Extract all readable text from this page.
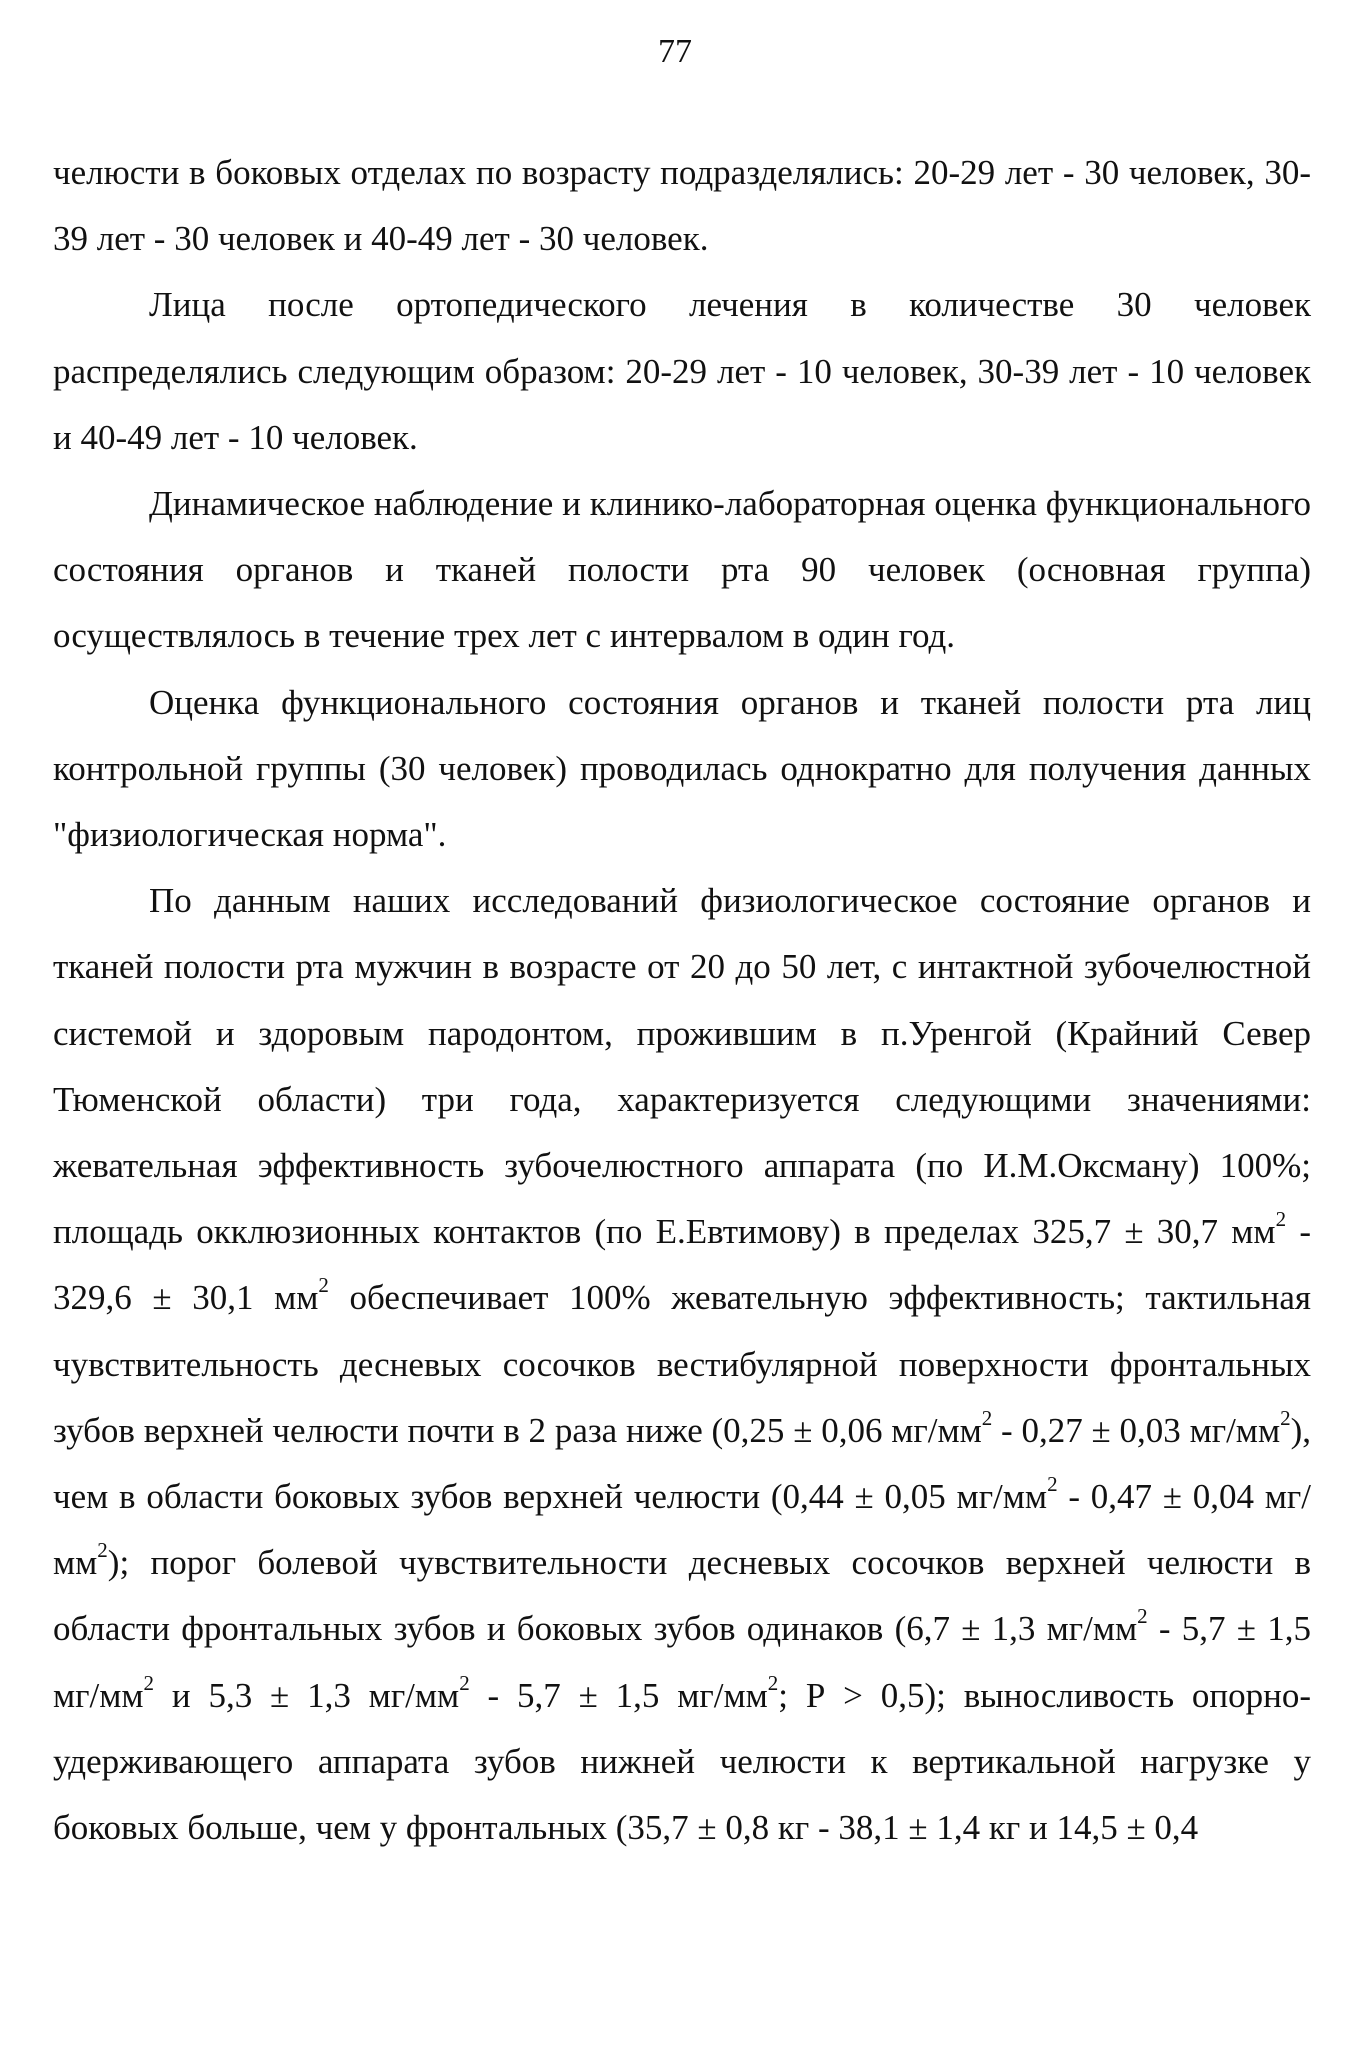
77

челюсти в боковых отделах по возрасту подразделялись: 20-29 лет - 30 человек, 30-39 лет - 30 человек и 40-49 лет - 30 человек.

Лица после ортопедического лечения в количестве 30 человек распределялись следующим образом: 20-29 лет - 10 человек, 30-39 лет - 10 человек и 40-49 лет - 10 человек.

Динамическое наблюдение и клинико-лабораторная оценка функционального состояния органов и тканей полости рта 90 человек (основная группа) осуществлялось в течение трех лет с интервалом в один год.

Оценка функционального состояния органов и тканей полости рта лиц контрольной группы (30 человек) проводилась однократно для получения данных "физиологическая норма".

По данным наших исследований физиологическое состояние органов и тканей полости рта мужчин в возрасте от 20 до 50 лет, с интактной зубочелюстной системой и здоровым пародонтом, прожившим в п.Уренгой (Крайний Север Тюменской области) три года, характеризуется следующими значениями: жевательная эффективность зубочелюстного аппарата (по И.М.Оксману) 100%; площадь окклюзионных контактов (по Е.Евтимову) в пределах 325,7 ± 30,7 $мм^2 - 329,6 \pm 30,1$ $мм^2$ обеспечивает 100% жевательную эффективность; тактильная чувствительность десневых сосочков вестибулярной поверхности фронтальных зубов верхней челюсти почти в 2 раза ниже (0,25 ± 0,06 $мг/мм^2 - 0,27 \pm 0,03$ $мг/мм^2$), чем в области боковых зубов верхней челюсти (0,44 ± 0,05 $мг/мм^2 - 0,47 \pm 0,04$ $мг/мм^2$); порог болевой чувствительности десневых сосочков верхней челюсти в области фронтальных зубов и боковых зубов одинаков (6,7 ± 1,3 $мг/мм^2 - 5,7 \pm 1,5$ $мг/мм^2$ и 5,3 ± 1,3 $мг/мм^2 - 5,7 \pm 1,5$ $мг/мм^2$; Р > 0,5); выносливость опорно-удерживающего аппарата зубов нижней челюсти к вертикальной нагрузке у боковых больше, чем у фронтальных (35,7 ± 0,8 кг - 38,1 ± 1,4 кг и 14,5 ± 0,4
